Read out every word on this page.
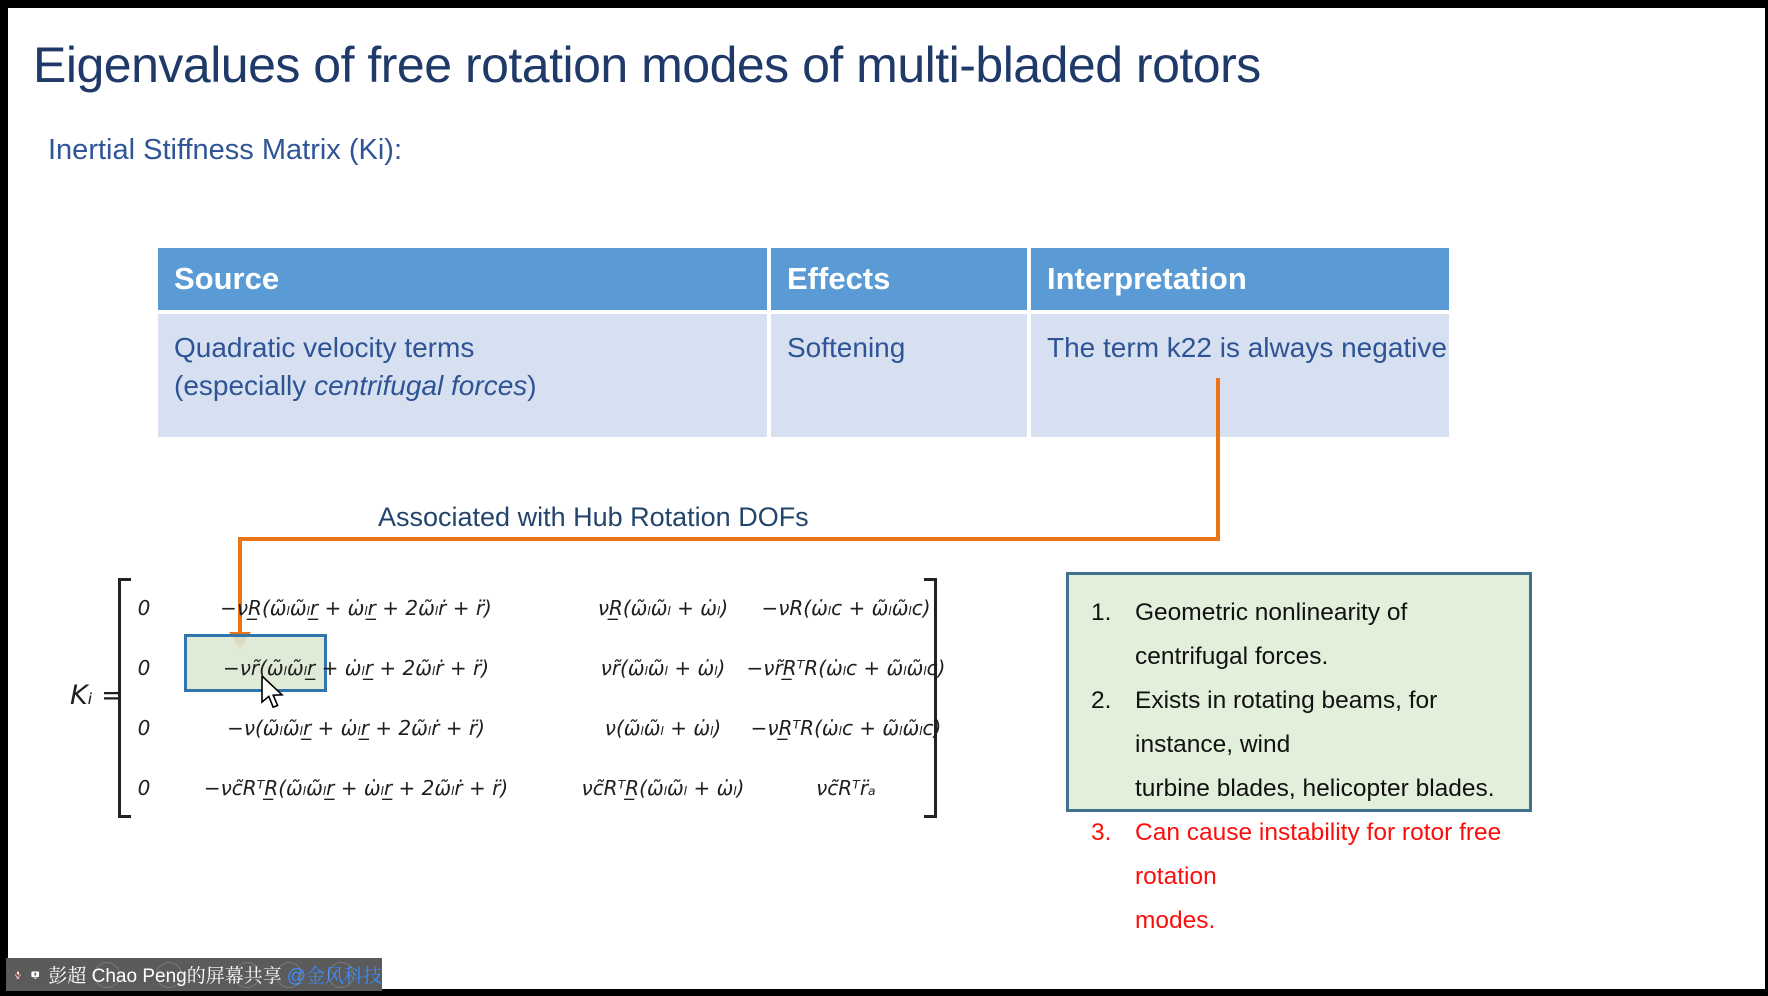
Eigenvalues of free rotation modes of multi-bladed rotors
Inertial Stiffness Matrix (Ki):
Source	Effects	Interpretation
Quadratic velocity terms
(especially centrifugal forces)
Softening	The term k22 is always negative
Associated with Hub Rotation DOFs
Kᵢ =
0	−νR̲(ω̃ₗω̃ₗr̲ + ω̇ₗr̲ + 2ω̃ₗṙ + r̈)	νR̲(ω̃ₗω̃ₗ + ω̇ₗ)	−νR(ω̇ₗc + ω̃ₗω̃ₗc)
0	−νr̃(ω̃ₗω̃ₗr̲ + ω̇ₗr̲ + 2ω̃ₗṙ + r̈)	νr̃(ω̃ₗω̃ₗ + ω̇ₗ)	−νr̃R̲ᵀR(ω̇ₗc + ω̃ₗω̃ₗc)
0	−ν(ω̃ₗω̃ₗr̲ + ω̇ₗr̲ + 2ω̃ₗṙ + r̈)	ν(ω̃ₗω̃ₗ + ω̇ₗ)	−νR̲ᵀR(ω̇ₗc + ω̃ₗω̃ₗc)
0	−νc̃RᵀR̲(ω̃ₗω̃ₗr̲ + ω̇ₗr̲ + 2ω̃ₗṙ + r̈)	νc̃RᵀR̲(ω̃ₗω̃ₗ + ω̇ₗ)	νc̃Rᵀr̈ₐ
1. Geometric nonlinearity of centrifugal forces.
2. Exists in rotating beams, for instance, wind
turbine blades, helicopter blades.
3. Can cause instability for rotor free rotation
modes.
彭超 Chao Peng的屏幕共享 @金风科技
